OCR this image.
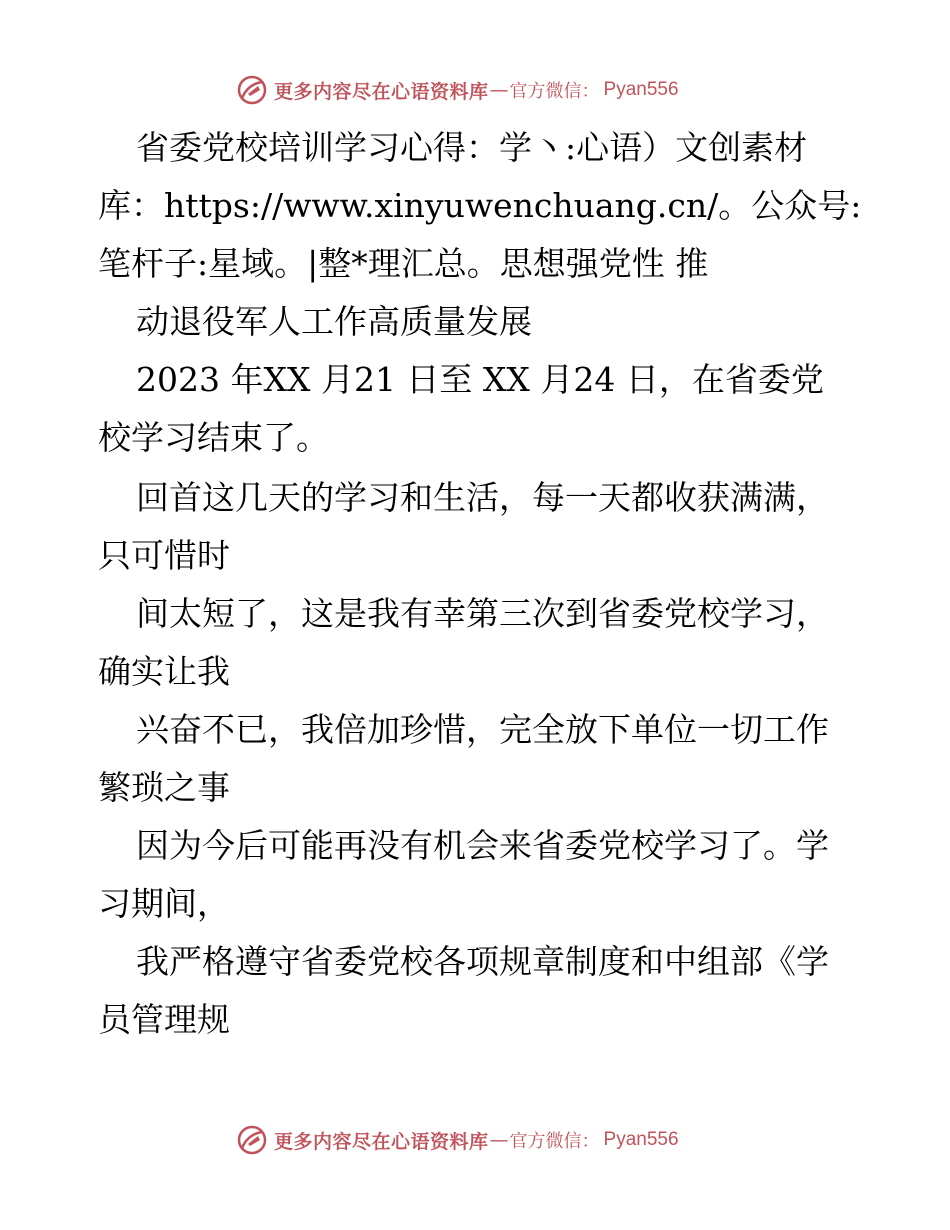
更多内容尽在心语资料库 — 官方微信： Pyan556
省委党校培训学习心得：学丶:心语）文创素材
库：https://www.xinyuwenchuang.cn/。公众号:
笔杆子:星域。|整*理汇总。思想强党性 推
动退役军人工作高质量发展
2023 年XX 月21 日至 XX 月24 日，在省委党
校学习结束了。
回首这几天的学习和生活，每一天都收获满满，
只可惜时
间太短了，这是我有幸第三次到省委党校学习，
确实让我
兴奋不已，我倍加珍惜，完全放下单位一切工作
繁琐之事
因为今后可能再没有机会来省委党校学习了。学
习期间，
我严格遵守省委党校各项规章制度和中组部《学
员管理规
更多内容尽在心语资料库 — 官方微信： Pyan556
